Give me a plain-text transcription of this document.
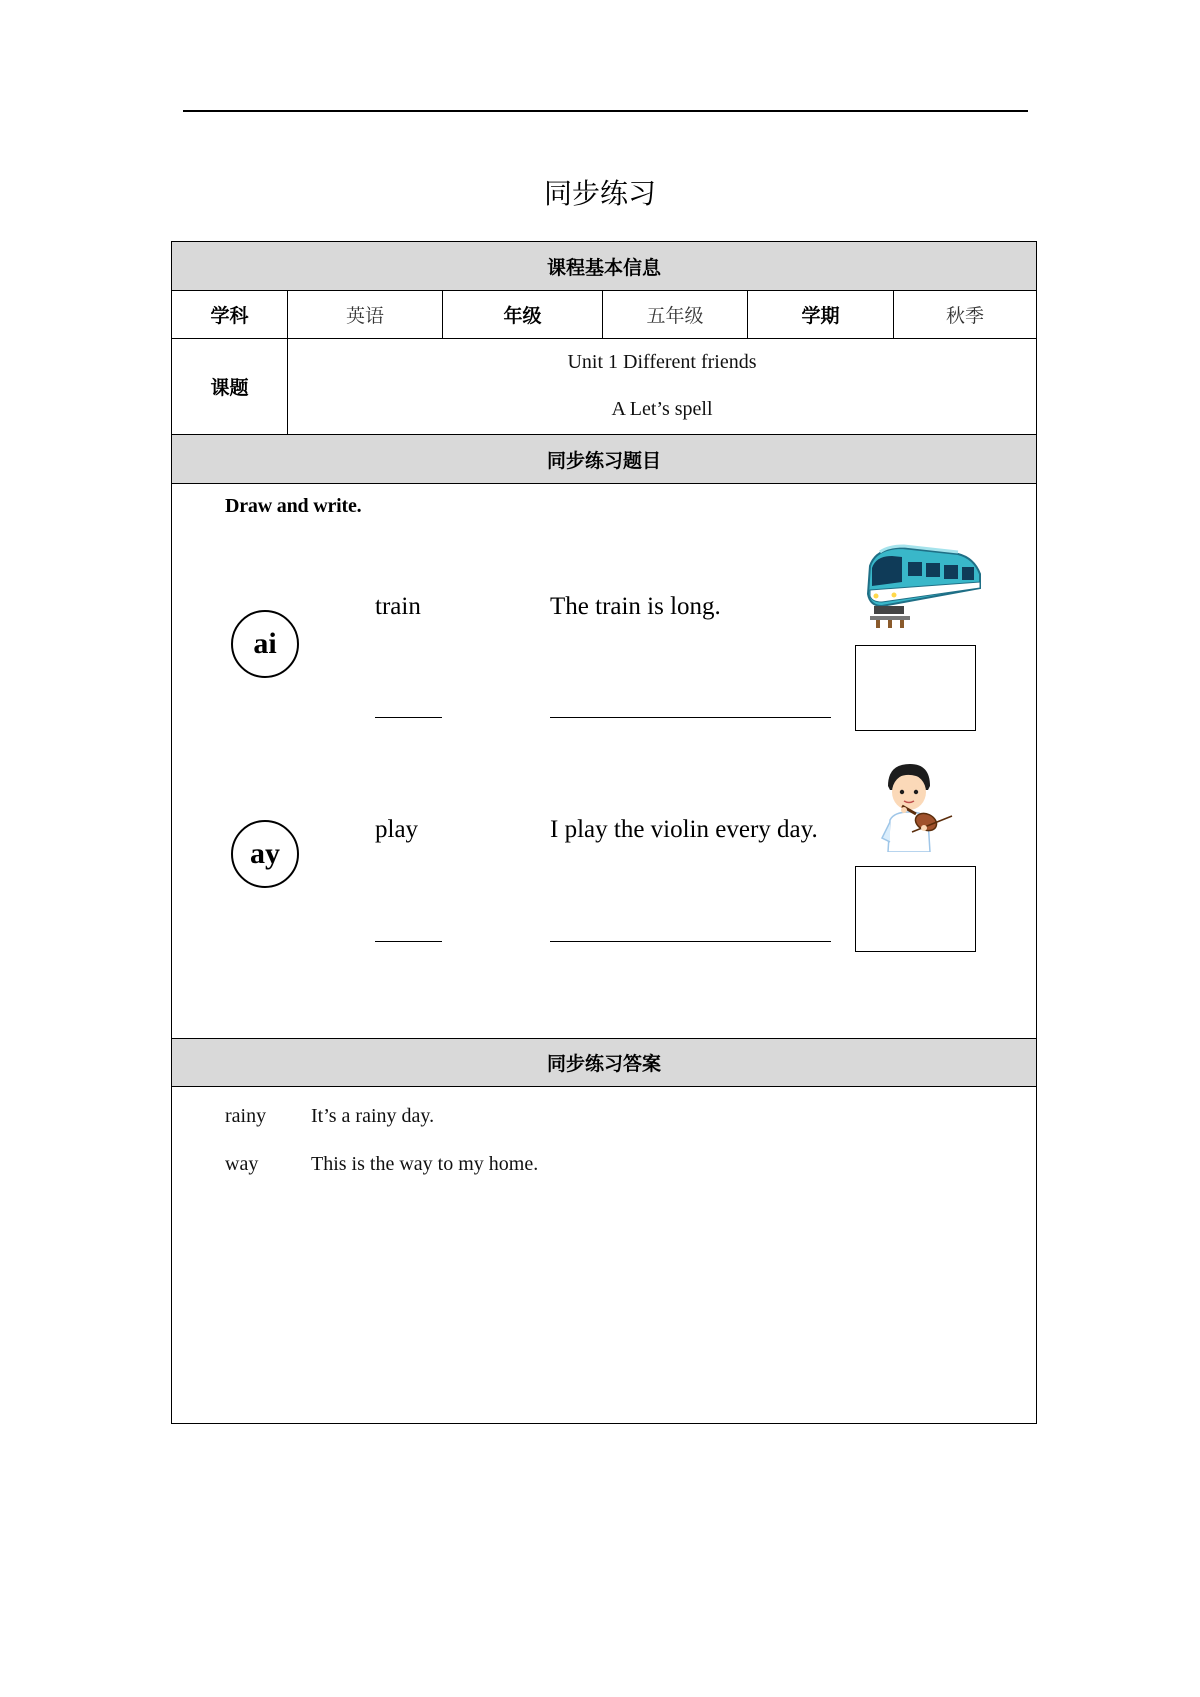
同步练习
课程基本信息
学科	英语	年级	五年级	学期	秋季
课题
Unit 1 Different friends
A Let’s spell
同步练习题目
Draw and write.
ai
train	The train is long.
ay
play	I play the violin every day.
同步练习答案
rainy It’s a rainy day.
way	This is the way to my home.
